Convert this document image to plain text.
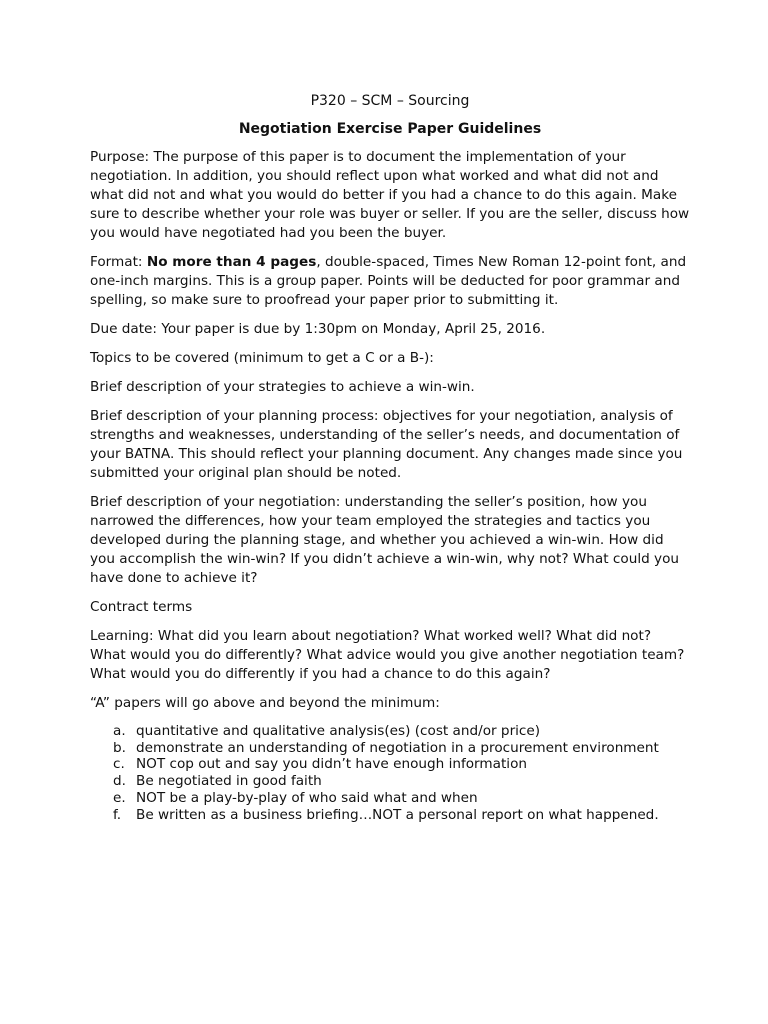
P320 – SCM – Sourcing
Negotiation Exercise Paper Guidelines

Purpose: The purpose of this paper is to document the implementation of your negotiation. In addition, you should reflect upon what worked and what did not and what did not and what you would do better if you had a chance to do this again. Make sure to describe whether your role was buyer or seller. If you are the seller, discuss how you would have negotiated had you been the buyer.

Format: No more than 4 pages, double-spaced, Times New Roman 12-point font, and one-inch margins. This is a group paper. Points will be deducted for poor grammar and spelling, so make sure to proofread your paper prior to submitting it.

Due date: Your paper is due by 1:30pm on Monday, April 25, 2016.

Topics to be covered (minimum to get a C or a B-):

Brief description of your strategies to achieve a win-win.

Brief description of your planning process: objectives for your negotiation, analysis of strengths and weaknesses, understanding of the seller’s needs, and documentation of your BATNA. This should reflect your planning document. Any changes made since you submitted your original plan should be noted.

Brief description of your negotiation: understanding the seller’s position, how you narrowed the differences, how your team employed the strategies and tactics you developed during the planning stage, and whether you achieved a win-win. How did you accomplish the win-win? If you didn’t achieve a win-win, why not? What could you have done to achieve it?

Contract terms

Learning: What did you learn about negotiation? What worked well? What did not? What would you do differently? What advice would you give another negotiation team? What would you do differently if you had a chance to do this again?

“A” papers will go above and beyond the minimum:

a. quantitative and qualitative analysis(es) (cost and/or price)
b. demonstrate an understanding of negotiation in a procurement environment
c. NOT cop out and say you didn’t have enough information
d. Be negotiated in good faith
e. NOT be a play-by-play of who said what and when
f.	Be written as a business briefing…NOT a personal report on what happened.
